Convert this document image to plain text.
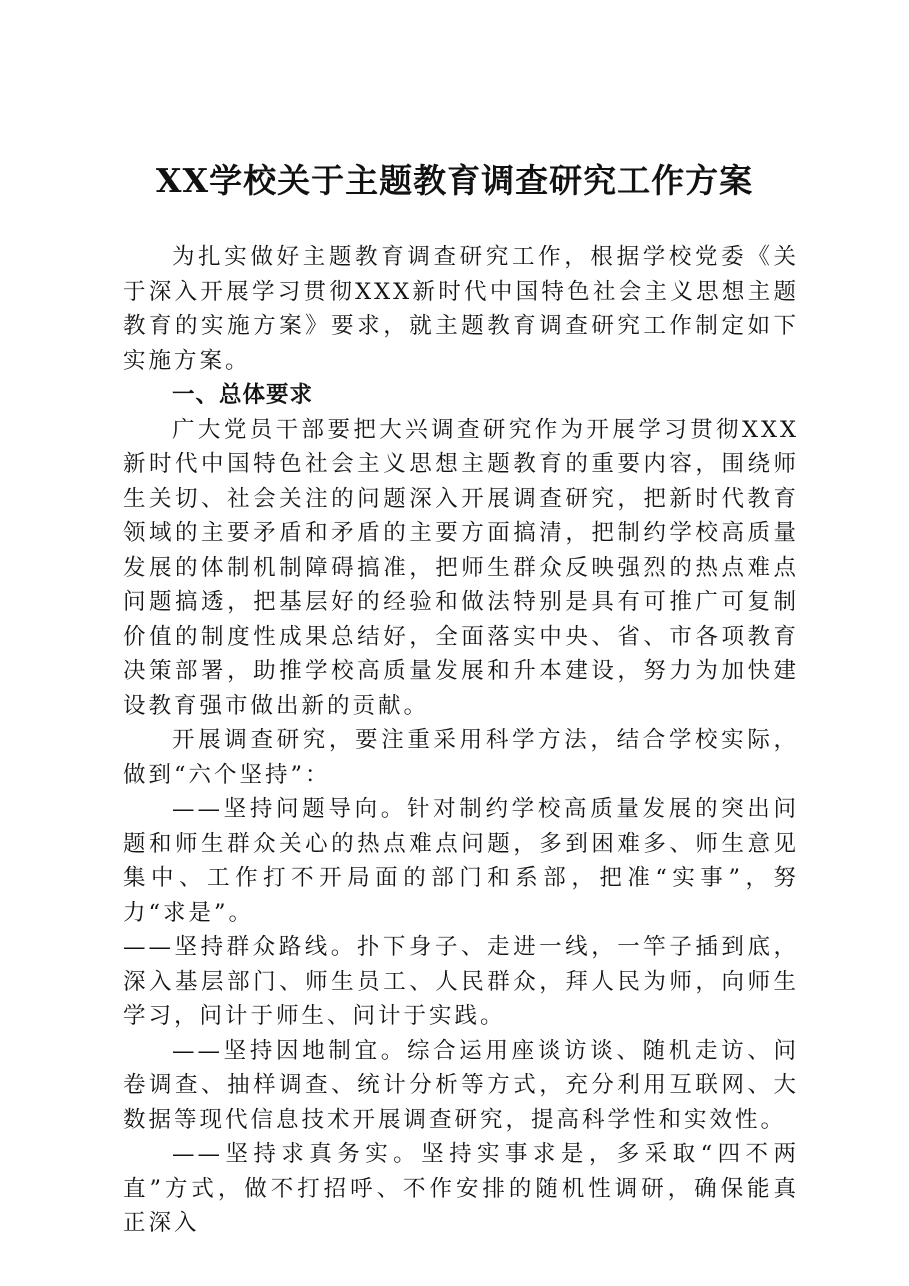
XX学校关于主题教育调查研究工作方案

为扎实做好主题教育调查研究工作，根据学校党委《关于深入开展学习贯彻XXX新时代中国特色社会主义思想主题教育的实施方案》要求，就主题教育调查研究工作制定如下实施方案。

一、总体要求

广大党员干部要把大兴调查研究作为开展学习贯彻XXX新时代中国特色社会主义思想主题教育的重要内容，围绕师生关切、社会关注的问题深入开展调查研究，把新时代教育领域的主要矛盾和矛盾的主要方面搞清，把制约学校高质量发展的体制机制障碍搞准，把师生群众反映强烈的热点难点问题搞透，把基层好的经验和做法特别是具有可推广可复制价值的制度性成果总结好，全面落实中央、省、市各项教育决策部署，助推学校高质量发展和升本建设，努力为加快建设教育强市做出新的贡献。

开展调查研究，要注重采用科学方法，结合学校实际，做到“六个坚持”：

——坚持问题导向。针对制约学校高质量发展的突出问题和师生群众关心的热点难点问题，多到困难多、师生意见集中、工作打不开局面的部门和系部，把准“实事”，努力“求是”。

——坚持群众路线。扑下身子、走进一线，一竿子插到底，深入基层部门、师生员工、人民群众，拜人民为师，向师生学习，问计于师生、问计于实践。

——坚持因地制宜。综合运用座谈访谈、随机走访、问卷调查、抽样调查、统计分析等方式，充分利用互联网、大数据等现代信息技术开展调查研究，提高科学性和实效性。

——坚持求真务实。坚持实事求是，多采取“四不两直”方式，做不打招呼、不作安排的随机性调研，确保能真正深入
